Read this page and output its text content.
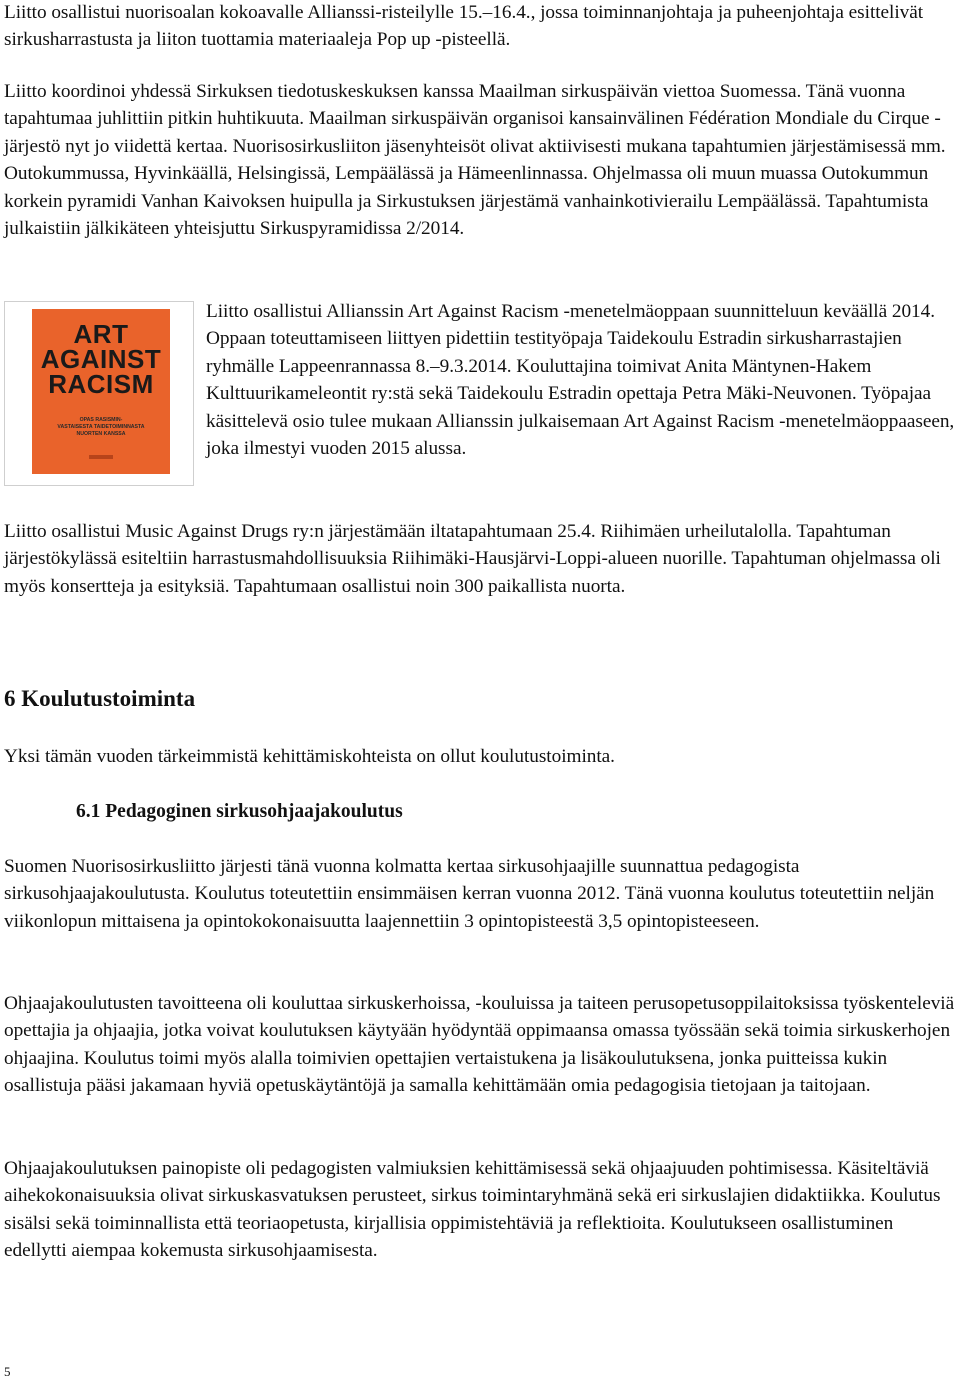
Liitto osallistui nuorisoalan kokoavalle Allianssi-risteilylle 15.–16.4., jossa toiminnanjohtaja ja puheenjohtaja esittelivät sirkusharrastusta ja liiton tuottamia materiaaleja Pop up -pisteellä.

Liitto koordinoi yhdessä Sirkuksen tiedotuskeskuksen kanssa Maailman sirkuspäivän viettoa Suomessa. Tänä vuonna tapahtumaa juhlittiin pitkin huhtikuuta. Maailman sirkuspäivän organisoi kansainvälinen Fédération Mondiale du Cirque -järjestö nyt jo viidettä kertaa. Nuorisosirkusliiton jäsenyhteisöt olivat aktiivisesti mukana tapahtumien järjestämisessä mm. Outokummussa, Hyvinkäällä, Helsingissä, Lempäälässä ja Hämeenlinnassa. Ohjelmassa oli muun muassa Outokummun korkein pyramidi Vanhan Kaivoksen huipulla ja Sirkustuksen järjestämä vanhainkotivierailu Lempäälässä. Tapahtumista julkaistiin jälkikäteen yhteisjuttu Sirkuspyramidissa 2/2014.

ART
AGAINST
RACISM
OPAS RASISMIN-
VASTAISESTA TAIDETOIMINNASTA
NUORTEN KANSSA

Liitto osallistui Allianssin Art Against Racism -menetelmäoppaan suunnitteluun keväällä 2014. Oppaan toteuttamiseen liittyen pidettiin testityöpaja Taidekoulu Estradin sirkusharrastajien ryhmälle Lappeenrannassa 8.–9.3.2014. Kouluttajina toimivat Anita Mäntynen-Hakem Kulttuurikameleontit ry:stä sekä Taidekoulu Estradin opettaja Petra Mäki-Neuvonen. Työpajaa käsittelevä osio tulee mukaan Allianssin julkaisemaan Art Against Racism -menetelmäoppaaseen, joka ilmestyi vuoden 2015 alussa.

Liitto osallistui Music Against Drugs ry:n järjestämään iltatapahtumaan 25.4. Riihimäen urheilutalolla. Tapahtuman järjestökylässä esiteltiin harrastusmahdollisuuksia Riihimäki-Hausjärvi-Loppi-alueen nuorille. Tapahtuman ohjelmassa oli myös konsertteja ja esityksiä. Tapahtumaan osallistui noin 300 paikallista nuorta.

6 Koulutustoiminta

Yksi tämän vuoden tärkeimmistä kehittämiskohteista on ollut koulutustoiminta.

6.1 Pedagoginen sirkusohjaajakoulutus

Suomen Nuorisosirkusliitto järjesti tänä vuonna kolmatta kertaa sirkusohjaajille suunnattua pedagogista sirkusohjaajakoulutusta. Koulutus toteutettiin ensimmäisen kerran vuonna 2012. Tänä vuonna koulutus toteutettiin neljän viikonlopun mittaisena ja opintokokonaisuutta laajennettiin 3 opintopisteestä 3,5 opintopisteeseen.

Ohjaajakoulutusten tavoitteena oli kouluttaa sirkuskerhoissa, -kouluissa ja taiteen perusopetusoppilaitoksissa työskenteleviä opettajia ja ohjaajia, jotka voivat koulutuksen käytyään hyödyntää oppimaansa omassa työssään sekä toimia sirkuskerhojen ohjaajina. Koulutus toimi myös alalla toimivien opettajien vertaistukena ja lisäkoulutuksena, jonka puitteissa kukin osallistuja pääsi jakamaan hyviä opetuskäytäntöjä ja samalla kehittämään omia pedagogisia tietojaan ja taitojaan.

Ohjaajakoulutuksen painopiste oli pedagogisten valmiuksien kehittämisessä sekä ohjaajuuden pohtimisessa. Käsiteltäviä aihekokonaisuuksia olivat sirkuskasvatuksen perusteet, sirkus toimintaryhmänä sekä eri sirkuslajien didaktiikka. Koulutus sisälsi sekä toiminnallista että teoriaopetusta, kirjallisia oppimistehtäviä ja reflektioita. Koulutukseen osallistuminen edellytti aiempaa kokemusta sirkusohjaamisesta.

5
